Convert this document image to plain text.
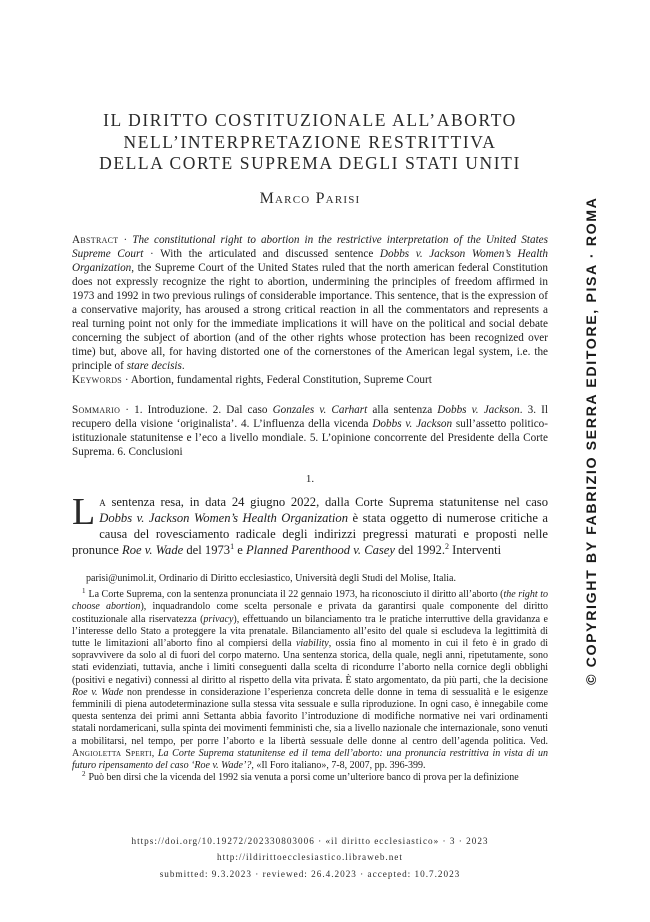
IL DIRITTO COSTITUZIONALE ALL’ABORTO
NELL’INTERPRETAZIONE RESTRITTIVA
DELLA CORTE SUPREMA DEGLI STATI UNITI
Marco Parisi
Abstract · The constitutional right to abortion in the restrictive interpretation of the United States Supreme Court · With the articulated and discussed sentence Dobbs v. Jackson Women’s Health Organization, the Supreme Court of the United States ruled that the north american federal Constitution does not expressly recognize the right to abortion, undermining the principles of freedom affirmed in 1973 and 1992 in two previous rulings of considerable importance. This sentence, that is the expression of a conservative majority, has aroused a strong critical reaction in all the commentators and represents a real turning point not only for the immediate implications it will have on the political and social debate concerning the subject of abortion (and of the other rights whose protection has been recognized over time) but, above all, for having distorted one of the cornerstones of the American legal system, i.e. the principle of stare decisis.
Keywords · Abortion, fundamental rights, Federal Constitution, Supreme Court
Sommario · 1. Introduzione. 2. Dal caso Gonzales v. Carhart alla sentenza Dobbs v. Jackson. 3. Il recupero della visione ‘originalista’. 4. L’influenza della vicenda Dobbs v. Jackson sull’assetto politico-istituzionale statunitense e l’eco a livello mondiale. 5. L’opinione concorrente del Presidente della Corte Suprema. 6. Conclusioni
1.
La sentenza resa, in data 24 giugno 2022, dalla Corte Suprema statunitense nel caso Dobbs v. Jackson Women’s Health Organization è stata oggetto di numerose critiche a causa del rovesciamento radicale degli indirizzi pregressi maturati e proposti nelle pronunce Roe v. Wade del 1973$^1$ e Planned Parenthood v. Casey del 1992.$^2$ Interventi
parisi@unimol.it, Ordinario di Diritto ecclesiastico, Università degli Studi del Molise, Italia.
$^1$ La Corte Suprema, con la sentenza pronunciata il 22 gennaio 1973, ha riconosciuto il diritto all’aborto (the right to choose abortion), inquadrandolo come scelta personale e privata da garantirsi quale componente del diritto costituzionale alla riservatezza (privacy), effettuando un bilanciamento tra le pratiche interruttive della gravidanza e l’interesse dello Stato a proteggere la vita prenatale. Bilanciamento all’esito del quale si escludeva la legittimità di tutte le limitazioni all’aborto fino al compiersi della viability, ossia fino al momento in cui il feto è in grado di sopravvivere da solo al di fuori del corpo materno. Una sentenza storica, della quale, negli anni, ripetutamente, sono stati evidenziati, tuttavia, anche i limiti conseguenti dalla scelta di ricondurre l’aborto nella cornice degli obblighi (positivi e negativi) connessi al diritto al rispetto della vita privata. È stato argomentato, da più parti, che la decisione Roe v. Wade non prendesse in considerazione l’esperienza concreta delle donne in tema di sessualità e le esigenze femminili di piena autodeterminazione sulla stessa vita sessuale e sulla riproduzione. In ogni caso, è innegabile come questa sentenza dei primi anni Settanta abbia favorito l’introduzione di modifiche normative nei vari ordinamenti statali nordamericani, sulla spinta dei movimenti femministi che, sia a livello nazionale che internazionale, sono venuti a mobilitarsi, nel tempo, per porre l’aborto e la libertà sessuale delle donne al centro dell’agenda politica. Ved. Angioletta Sperti, La Corte Suprema statunitense ed il tema dell’aborto: una pronuncia restrittiva in vista di un futuro ripensamento del caso ‘Roe v. Wade’?, «Il Foro italiano», 7-8, 2007, pp. 396-399.
$^2$ Può ben dirsi che la vicenda del 1992 sia venuta a porsi come un’ulteriore banco di prova per la definizione
https://doi.org/10.19272/202330803006 · «il diritto ecclesiastico» · 3 · 2023
http://ildirittoecclesiastico.libraweb.net
submitted: 9.3.2023 · reviewed: 26.4.2023 · accepted: 10.7.2023
© COPYRIGHT BY FABRIZIO SERRA EDITORE, PISA · ROMA
